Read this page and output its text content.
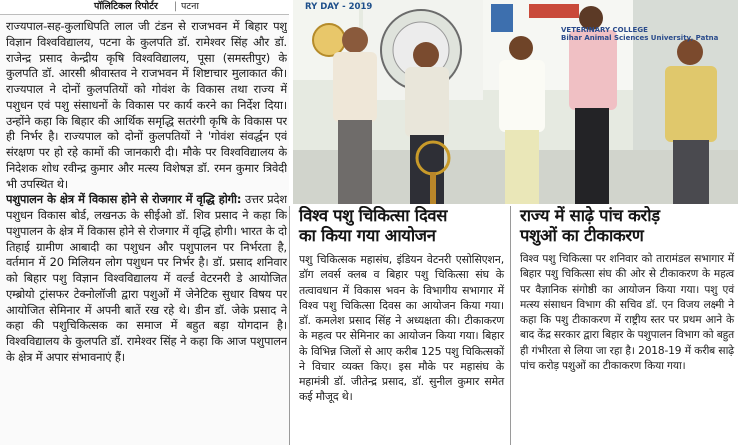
पॉलिटिकल रिपोर्टर | पटना

राज्यपाल-सह-कुलाधिपति लाल जी टंडन से राजभवन में बिहार पशु विज्ञान विश्वविद्यालय, पटना के कुलपति डॉ. रामेश्वर सिंह और डॉ. राजेन्द्र प्रसाद केन्द्रीय कृषि विश्वविद्यालय, पूसा (समस्तीपुर) के कुलपति डॉ. आरसी श्रीवास्तव ने राजभवन में शिष्टाचार मुलाकात की। राज्यपाल ने दोनों कुलपतियों को गोवंश के विकास तथा राज्य में पशुधन एवं पशु संसाधनों के विकास पर कार्य करने का निर्देश दिया। उन्होंने कहा कि बिहार की आर्थिक समृद्धि सतरंगी कृषि के विकास पर ही निर्भर है। राज्यपाल को दोनों कुलपतियों ने 'गोवंश संवर्द्धन एवं संरक्षण पर हो रहे कामों की जानकारी दी। मौके पर विश्वविद्यालय के निदेशक शोध रवीन्द्र कुमार और मत्स्य विशेषज्ञ डॉ. रमन कुमार त्रिवेदी भी उपस्थित थे।

पशुपालन के क्षेत्र में विकास होने से रोजगार में वृद्धि होगी: उत्तर प्रदेश पशुधन विकास बोर्ड, लखनऊ के सीईओ डॉ. शिव प्रसाद ने कहा कि पशुपालन के क्षेत्र में विकास होने से रोजगार में वृद्धि होगी। भारत के दो तिहाई ग्रामीण आबादी का पशुधन और पशुपालन पर निर्भरता है, वर्तमान में 20 मिलियन लोग पशुधन पर निर्भर है। डॉ. प्रसाद शनिवार को बिहार पशु विज्ञान विश्वविद्यालय में वर्ल्ड वेटरनरी डे आयोजित एम्ब्रोयो ट्रांसफर टेक्नोलॉजी द्वारा पशुओं में जेनेटिक सुधार विषय पर आयोजित सेमिनार में अपनी बातें रख रहे थे। डीन डॉ. जेके प्रसाद ने कहा की पशुचिकित्सक का समाज में बहुत बड़ा योगदान है।विश्वविद्यालय के कुलपति डॉ. रामेश्वर सिंह ने कहा कि आज पशुपालन के क्षेत्र में अपार संभावनाएं हैं।

RY DAY - 2019
VETERINARY COLLEGE
Bihar Animal Sciences University, Patna
विश्व पशु चिकित्सा दिवस
का किया गया आयोजन

पशु चिकित्सक महासंघ, इंडियन वेटनरी एसोसिएशन, डॉग लवर्स क्लब व बिहार पशु चिकित्सा संघ के तत्वावधान में विकास भवन के विभागीय सभागार में विश्व पशु चिकित्सा दिवस का आयोजन किया गया। डॉ. कमलेश प्रसाद सिंह ने अध्यक्षता की। टीकाकरण के महत्व पर सेमिनार का आयोजन किया गया। बिहार के विभिन्न जिलों से आए करीब 125 पशु चिकित्सकों ने विचार व्यक्त किए। इस मौके पर महासंघ के महामंत्री डॉ. जीतेन्द्र प्रसाद, डॉ. सुनील कुमार समेत कई मौजूद थे।

राज्य में साढ़े पांच करोड़
पशुओं का टीकाकरण

विश्व पशु चिकित्सा पर शनिवार को तारामंडल सभागार में बिहार पशु चिकित्सा संघ की ओर से टीकाकरण के महत्व पर वैज्ञानिक संगोष्ठी का आयोजन किया गया। पशु एवं मत्स्य संसाधन विभाग की सचिव डॉ. एन विजय लक्ष्मी ने कहा कि पशु टीकाकरण में राष्ट्रीय स्तर पर प्रथम आने के बाद केंद्र सरकार द्वारा बिहार के पशुपालन विभाग को बहुत ही गंभीरता से लिया जा रहा है। 2018-19 में करीब साढ़े पांच करोड़ पशुओं का टीकाकरण किया गया।
